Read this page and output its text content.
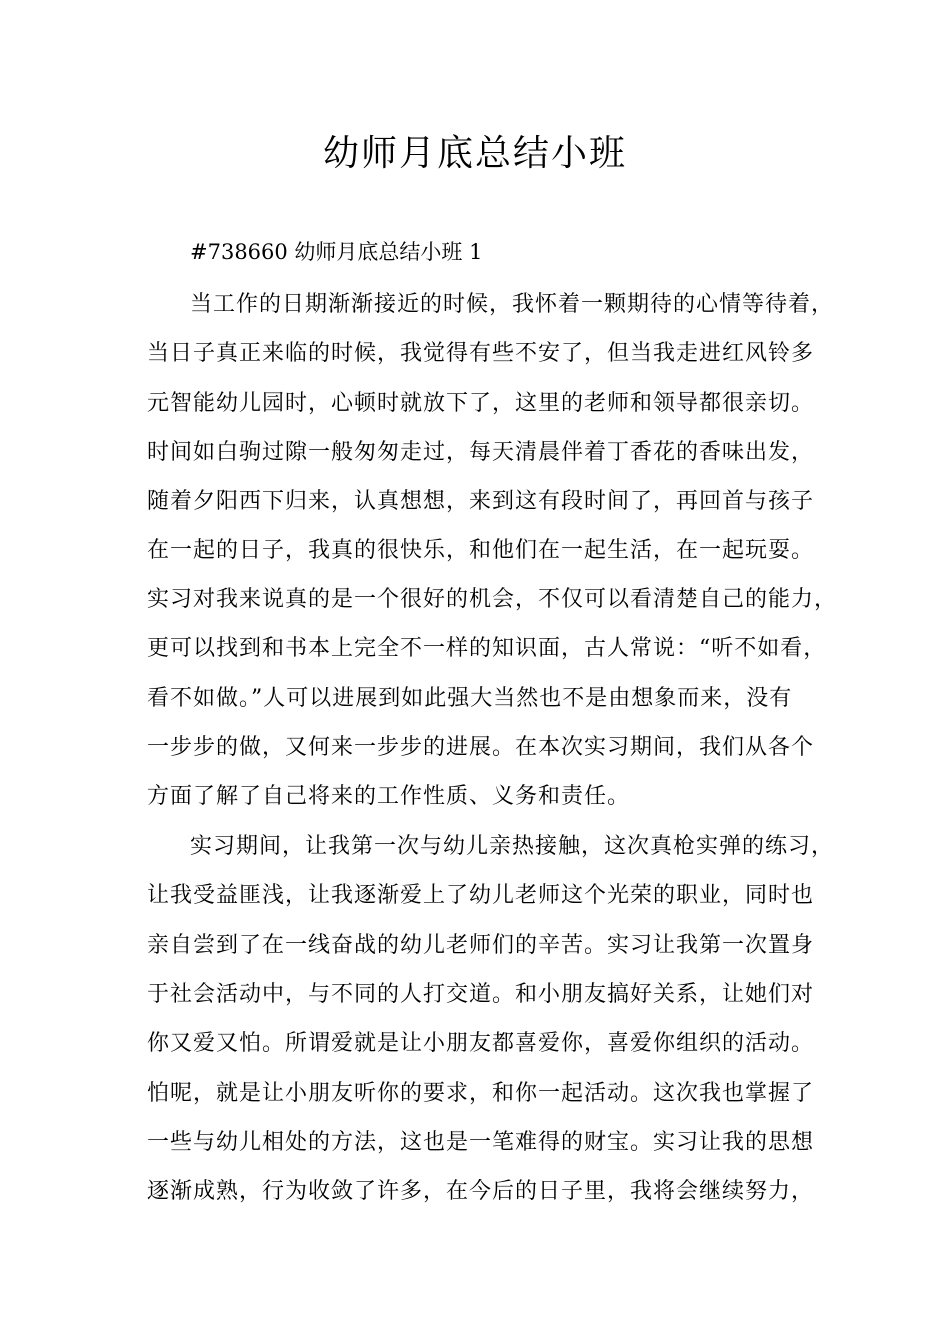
幼师月底总结小班

#738660 幼师月底总结小班 1

当工作的日期渐渐接近的时候，我怀着一颗期待的心情等待着，

当日子真正来临的时候，我觉得有些不安了，但当我走进红风铃多

元智能幼儿园时，心顿时就放下了，这里的老师和领导都很亲切。

时间如白驹过隙一般匆匆走过，每天清晨伴着丁香花的香味出发，

随着夕阳西下归来，认真想想，来到这有段时间了，再回首与孩子

在一起的日子，我真的很快乐，和他们在一起生活，在一起玩耍。

实习对我来说真的是一个很好的机会，不仅可以看清楚自己的能力，

更可以找到和书本上完全不一样的知识面，古人常说：“听不如看，

看不如做。”人可以进展到如此强大当然也不是由想象而来，没有

一步步的做，又何来一步步的进展。在本次实习期间，我们从各个

方面了解了自己将来的工作性质、义务和责任。

实习期间，让我第一次与幼儿亲热接触，这次真枪实弹的练习，

让我受益匪浅，让我逐渐爱上了幼儿老师这个光荣的职业，同时也

亲自尝到了在一线奋战的幼儿老师们的辛苦。实习让我第一次置身

于社会活动中，与不同的人打交道。和小朋友搞好关系，让她们对

你又爱又怕。所谓爱就是让小朋友都喜爱你，喜爱你组织的活动。

怕呢，就是让小朋友听你的要求，和你一起活动。这次我也掌握了

一些与幼儿相处的方法，这也是一笔难得的财宝。实习让我的思想

逐渐成熟，行为收敛了许多，在今后的日子里，我将会继续努力，
